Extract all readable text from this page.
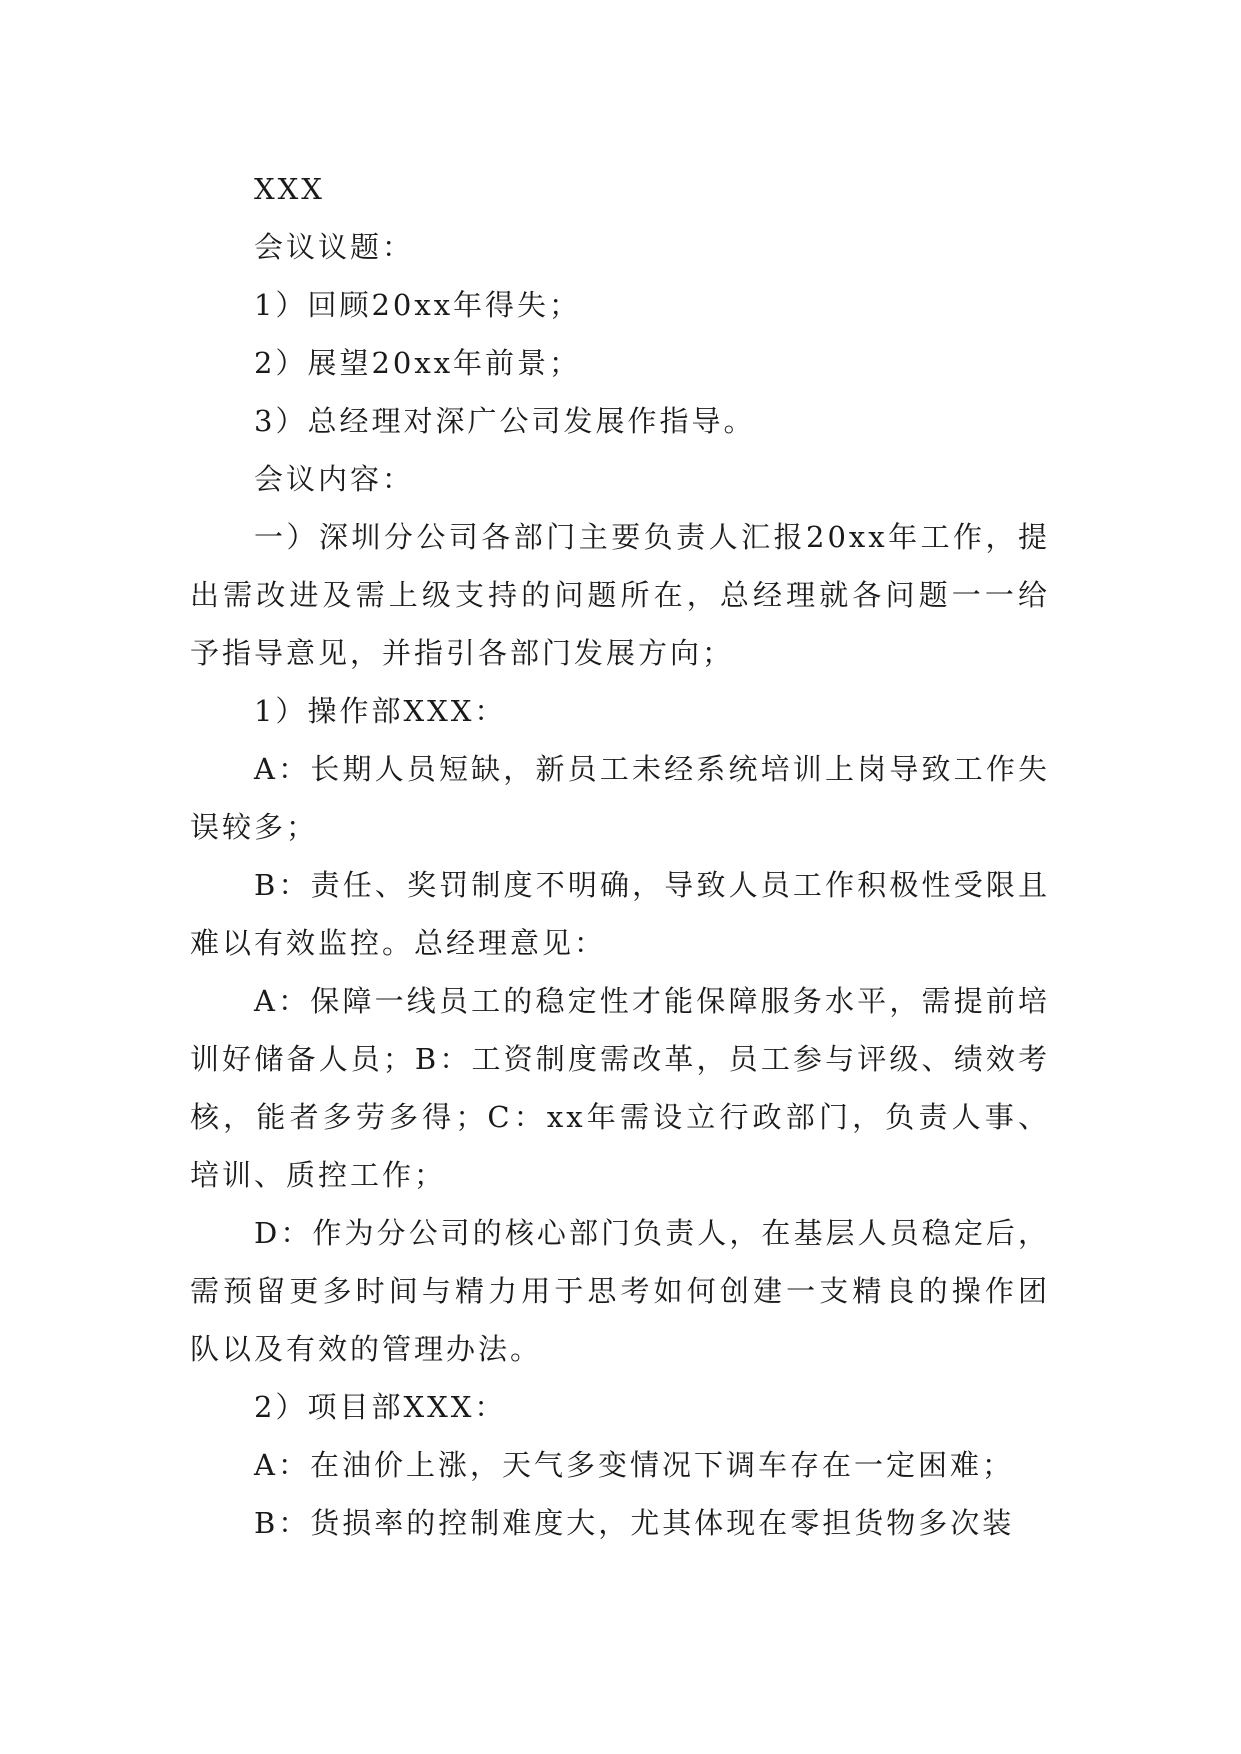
XXX

会议议题：

1）回顾20xx年得失；

2）展望20xx年前景；

3）总经理对深广公司发展作指导。

会议内容：

一）深圳分公司各部门主要负责人汇报20xx年工作，提出需改进及需上级支持的问题所在，总经理就各问题一一给予指导意见，并指引各部门发展方向；

1）操作部XXX：

A：长期人员短缺，新员工未经系统培训上岗导致工作失误较多；

B：责任、奖罚制度不明确，导致人员工作积极性受限且难以有效监控。总经理意见：

A：保障一线员工的稳定性才能保障服务水平，需提前培训好储备人员；B：工资制度需改革，员工参与评级、绩效考核，能者多劳多得；C：xx年需设立行政部门，负责人事、培训、质控工作；

D：作为分公司的核心部门负责人，在基层人员稳定后，需预留更多时间与精力用于思考如何创建一支精良的操作团队以及有效的管理办法。

2）项目部XXX：

A：在油价上涨，天气多变情况下调车存在一定困难；

B：货损率的控制难度大，尤其体现在零担货物多次装
